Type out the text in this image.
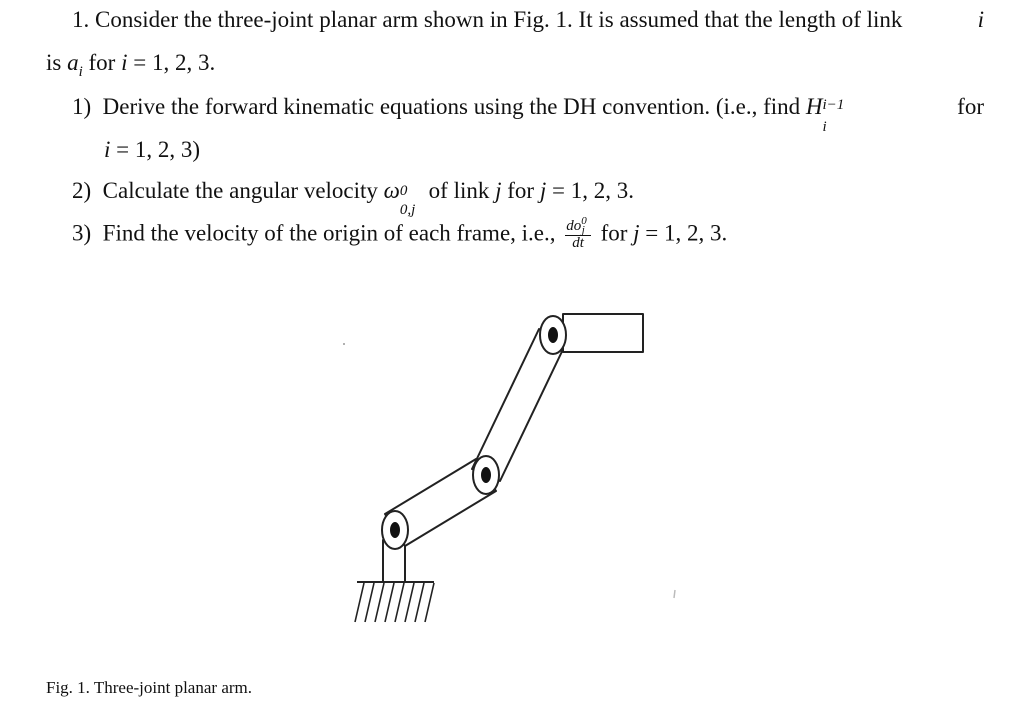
1. Consider the three-joint planar arm shown in Fig. 1. It is assumed that the length of link	i
is $a_i$ for i = 1, 2, 3.
1) Derive the forward kinematic equations using the DH convention. (i.e., find H i−1
i
for
i = 1, 2, 3)
2) Calculate the angular velocity ω 0
0,j
of link j for j = 1, 2, 3.
3) Find the velocity of the origin of each frame, i.e., $\frac{do^0_j}{dt}$ for j = 1, 2, 3.
Fig. 1. Three-joint planar arm.
